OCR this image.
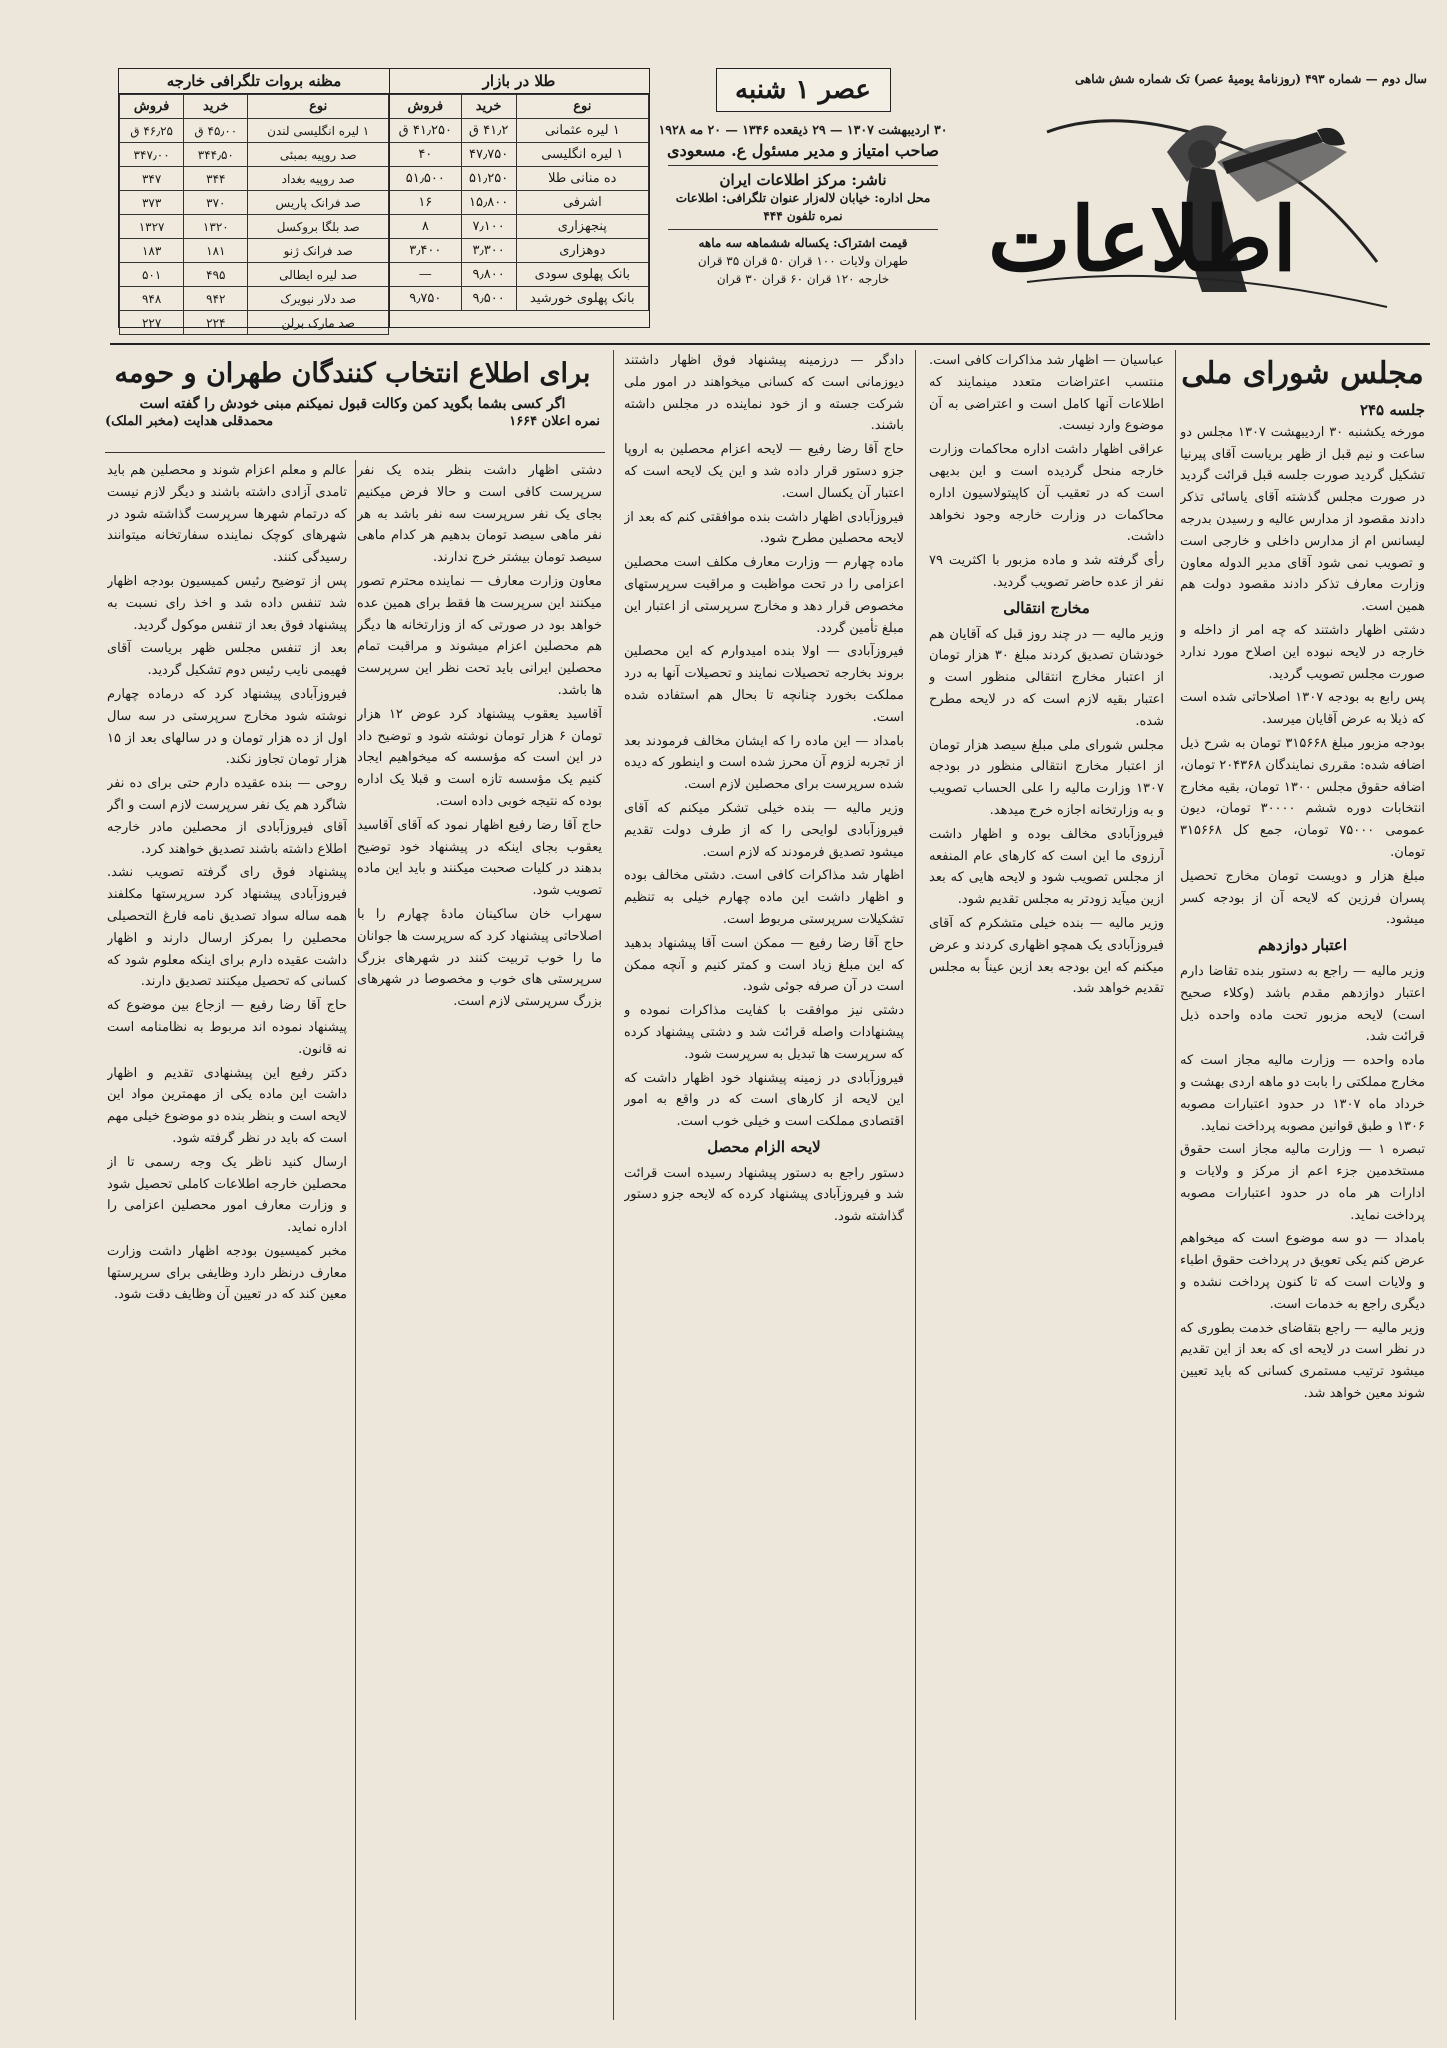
سال دوم — شماره ۴۹۳ (روزنامهٔ یومیهٔ عصر) تک شماره شش شاهی
اطلاعات
عصر ۱ شنبه
۳۰ اردیبهشت ۱۳۰۷ — ۲۹ ذیقعده ۱۳۴۶ — ۲۰ مه ۱۹۲۸
صاحب امتیاز و مدیر مسئول ع. مسعودی
ناشر: مرکز اطلاعات ایران
محل اداره: خیابان لاله‌زار عنوان تلگرافی: اطلاعات
نمره تلفون ۴۴۴
قیمت اشتراک: یکساله ششماهه سه ماهه
طهران ولایات ۱۰۰ قران ۵۰ قران ۳۵ قران
خارجه ۱۲۰ قران ۶۰ قران ۳۰ قران
طلا در بازار
نوع	خرید	فروش
۱ لیره عثمانی	۴۱٫۲ ق	۴۱٫۲۵۰ ق
۱ لیره انگلیسی	۴۷٫۷۵۰	۴۰
ده منانی طلا	۵۱٫۲۵۰	۵۱٫۵۰۰
اشرفی	۱۵٫۸۰۰	۱۶
پنجهزاری	۷٫۱۰۰	۸
دوهزاری	۳٫۳۰۰	۳٫۴۰۰
بانک پهلوی سودی	۹٫۸۰۰	—
بانک پهلوی خورشید	۹٫۵۰۰	۹٫۷۵۰
مظنه بروات تلگرافی خارجه
نوع	خرید	فروش
۱ لیره انگلیسی لندن	۴۵٫۰۰ ق	۴۶٫۲۵ ق
صد روپیه بمبئی	۳۴۴٫۵۰	۳۴۷٫۰۰
صد روپیه بغداد	۳۴۴	۳۴۷
صد فرانک پاریس	۳۷۰	۳۷۳
صد بلگا بروکسل	۱۳۲۰	۱۳۲۷
صد فرانک ژنو	۱۸۱	۱۸۳
صد لیره ایطالی	۴۹۵	۵۰۱
صد دلار نیویرک	۹۴۲	۹۴۸
صد مارک برلن	۲۲۴	۲۲۷
مجلس شورای ملی
جلسه ۲۴۵

مورخه یکشنبه ۳۰ اردیبهشت ۱۳۰۷ مجلس دو ساعت و نیم قبل از ظهر بریاست آقای پیرنیا تشکیل گردید صورت جلسه قبل قرائت گردید در صورت مجلس گذشته آقای یاسائی تذکر دادند مقصود از مدارس عالیه و رسیدن بدرجه لیسانس ام از مدارس داخلی و خارجی است و تصویب نمی شود آقای مدیر الدوله معاون وزارت معارف تذکر دادند مقصود دولت هم همین است.

دشتی اظهار داشتند که چه امر از داخله و خارجه در لایحه نبوده این اصلاح مورد ندارد صورت مجلس تصویب گردید.

پس رابع به بودجه ۱۳۰۷ اصلاحاتی شده است که ذیلا به عرض آقایان میرسد.

بودجه مزبور مبلغ ۳۱۵۶۶۸ تومان به شرح ذیل اضافه شده: مقرری نمایندگان ۲۰۴۳۶۸ تومان، اضافه حقوق مجلس ۱۳۰۰ تومان، بقیه مخارج انتخابات دوره ششم ۳۰۰۰۰ تومان، دیون عمومی ۷۵۰۰۰ تومان، جمع کل ۳۱۵۶۶۸ تومان.

مبلغ هزار و دویست تومان مخارج تحصیل پسران فرزین که لایحه آن از بودجه کسر میشود.

اعتبار دوازدهم

وزیر مالیه — راجع به دستور بنده تقاضا دارم اعتبار دوازدهم مقدم باشد (وکلاء صحیح است) لایحه مزبور تحت ماده واحده ذیل قرائت شد.

ماده واحده — وزارت مالیه مجاز است که مخارج مملکتی را بابت دو ماهه اردی بهشت و خرداد ماه ۱۳۰۷ در حدود اعتبارات مصوبه ۱۳۰۶ و طبق قوانین مصوبه پرداخت نماید.

تبصره ۱ — وزارت مالیه مجاز است حقوق مستخدمین جزء اعم از مرکز و ولایات و ادارات هر ماه در حدود اعتبارات مصوبه پرداخت نماید.

بامداد — دو سه موضوع است که میخواهم عرض کنم یکی تعویق در پرداخت حقوق اطباء و ولایات است که تا کنون پرداخت نشده و دیگری راجع به خدمات است.

وزیر مالیه — راجع بتقاضای خدمت بطوری که در نظر است در لایحه ای که بعد از این تقدیم میشود ترتیب مستمری کسانی که باید تعیین شوند معین خواهد شد.

عباسیان — اظهار شد مذاکرات کافی است. منتسب اعتراضات متعدد مینمایند که اطلاعات آنها کامل است و اعتراضی به آن موضوع وارد نیست.

عراقی اظهار داشت اداره محاکمات وزارت خارجه منحل گردیده است و این بدیهی است که در تعقیب آن کاپیتولاسیون اداره محاکمات در وزارت خارجه وجود نخواهد داشت.

رأی گرفته شد و ماده مزبور با اکثریت ۷۹ نفر از عده حاضر تصویب گردید.

مخارج انتقالی

وزیر مالیه — در چند روز قبل که آقایان هم خودشان تصدیق کردند مبلغ ۳۰ هزار تومان از اعتبار مخارج انتقالی منظور است و اعتبار بقیه لازم است که در لایحه مطرح شده.

مجلس شورای ملی مبلغ سیصد هزار تومان از اعتبار مخارج انتقالی منظور در بودجه ۱۳۰۷ وزارت مالیه را علی الحساب تصویب و به وزارتخانه اجازه خرج میدهد.

فیروزآبادی مخالف بوده و اظهار داشت آرزوی ما این است که کارهای عام المنفعه از مجلس تصویب شود و لایحه هایی که بعد ازین میآید زودتر به مجلس تقدیم شود.

وزیر مالیه — بنده خیلی متشکرم که آقای فیروزآبادی یک همچو اظهاری کردند و عرض میکنم که این بودجه بعد ازین عیناً به مجلس تقدیم خواهد شد.

دادگر — درزمینه پیشنهاد فوق اظهار داشتند دیوزمانی است که کسانی میخواهند در امور ملی شرکت جسته و از خود نماینده در مجلس داشته باشند.

حاج آقا رضا رفیع — لایحه اعزام محصلین به اروپا جزو دستور قرار داده شد و این یک لایحه است که اعتبار آن یکسال است.

فیروزآبادی اظهار داشت بنده موافقتی کنم که بعد از لایحه محصلین مطرح شود.

ماده چهارم — وزارت معارف مکلف است محصلین اعزامی را در تحت مواظبت و مراقبت سرپرستهای مخصوص قرار دهد و مخارج سرپرستی از اعتبار این مبلغ تأمین گردد.

فیروزآبادی — اولا بنده امیدوارم که این محصلین بروند بخارجه تحصیلات نمایند و تحصیلات آنها به درد مملکت بخورد چنانچه تا بحال هم استفاده شده است.

بامداد — این ماده را که ایشان مخالف فرمودند بعد از تجربه لزوم آن محرز شده است و اینطور که دیده شده سرپرست برای محصلین لازم است.

وزیر مالیه — بنده خیلی تشکر میکنم که آقای فیروزآبادی لوایحی را که از طرف دولت تقدیم میشود تصدیق فرمودند که لازم است.

اظهار شد مذاکرات کافی است. دشتی مخالف بوده و اظهار داشت این ماده چهارم خیلی به تنظیم تشکیلات سرپرستی مربوط است.

حاج آقا رضا رفیع — ممکن است آقا پیشنهاد بدهید که این مبلغ زیاد است و کمتر کنیم و آنچه ممکن است در آن صرفه جوئی شود.

دشتی نیز موافقت با کفایت مذاکرات نموده و پیشنهادات واصله قرائت شد و دشتی پیشنهاد کرده که سرپرست ها تبدیل به سرپرست شود.

فیروزآبادی در زمینه پیشنهاد خود اظهار داشت که این لایحه از کارهای است که در واقع به امور اقتصادی مملکت است و خیلی خوب است.

لایحه الزام محصل

دستور راجع به دستور پیشنهاد رسیده است قرائت شد و فیروزآبادی پیشنهاد کرده که لایحه جزو دستور گذاشته شود.

برای اطلاع انتخاب کنندگان طهران و حومه
اگر کسی بشما بگوید کمن وکالت قبول نمیکنم مبنی خودش را گفته است
نمره اعلان ۱۶۶۴
محمدقلی هدایت (مخبر الملک)

دشتی اظهار داشت بنظر بنده یک نفر سرپرست کافی است و حالا فرض میکنیم بجای یک نفر سرپرست سه نفر باشد به هر نفر ماهی سیصد تومان بدهیم هر کدام ماهی سیصد تومان بیشتر خرج ندارند.

معاون وزارت معارف — نماینده محترم تصور میکنند این سرپرست ها فقط برای همین عده خواهد بود در صورتی که از وزارتخانه ها دیگر هم محصلین اعزام میشوند و مراقبت تمام محصلین ایرانی باید تحت نظر این سرپرست ها باشد.

آقاسید یعقوب پیشنهاد کرد عوض ۱۲ هزار تومان ۶ هزار تومان نوشته شود و توضیح داد در این است که مؤسسه که میخواهیم ایجاد کنیم یک مؤسسه تازه است و قبلا یک اداره بوده که نتیجه خوبی داده است.

حاج آقا رضا رفیع اظهار نمود که آقای آقاسید یعقوب بجای اینکه در پیشنهاد خود توضیح بدهند در کلیات صحبت میکنند و باید این ماده تصویب شود.

سهراب خان ساکینان مادهٔ چهارم را با اصلاحاتی پیشنهاد کرد که سرپرست ها جوانان ما را خوب تربیت کنند در شهرهای بزرگ سرپرستی های خوب و مخصوصا در شهرهای بزرگ سرپرستی لازم است.

عالم و معلم اعزام شوند و محصلین هم باید تامدی آزادی داشته باشند و دیگر لازم نیست که درتمام شهرها سرپرست گذاشته شود در شهرهای کوچک نماینده سفارتخانه میتوانند رسیدگی کنند.

پس از توضیح رئیس کمیسیون بودجه اظهار شد تنفس داده شد و اخذ رای نسبت به پیشنهاد فوق بعد از تنفس موکول گردید.

بعد از تنفس مجلس ظهر بریاست آقای فهیمی نایب رئیس دوم تشکیل گردید.

فیروزآبادی پیشنهاد کرد که درماده چهارم نوشته شود مخارج سرپرستی در سه سال اول از ده هزار تومان و در سالهای بعد از ۱۵ هزار تومان تجاوز نکند.

روحی — بنده عقیده دارم حتی برای ده نفر شاگرد هم یک نفر سرپرست لازم است و اگر آقای فیروزآبادی از محصلین مادر خارجه اطلاع داشته باشند تصدیق خواهند کرد.

پیشنهاد فوق رای گرفته تصویب نشد. فیروزآبادی پیشنهاد کرد سرپرستها مکلفند همه ساله سواد تصدیق نامه فارغ التحصیلی محصلین را بمرکز ارسال دارند و اظهار داشت عقیده دارم برای اینکه معلوم شود که کسانی که تحصیل میکنند تصدیق دارند.

حاج آقا رضا رفیع — ازجاع بین موضوع که پیشنهاد نموده اند مربوط به نظامنامه است نه قانون.

دکتر رفیع این پیشنهادی تقدیم و اظهار داشت این ماده یکی از مهمترین مواد این لایحه است و بنظر بنده دو موضوع خیلی مهم است که باید در نظر گرفته شود.

ارسال کنید ناظر یک وجه رسمی تا از محصلین خارجه اطلاعات کاملی تحصیل شود و وزارت معارف امور محصلین اعزامی را اداره نماید.

مخبر کمیسیون بودجه اظهار داشت وزارت معارف درنظر دارد وظایفی برای سرپرستها معین کند که در تعیین آن وظایف دقت شود.
